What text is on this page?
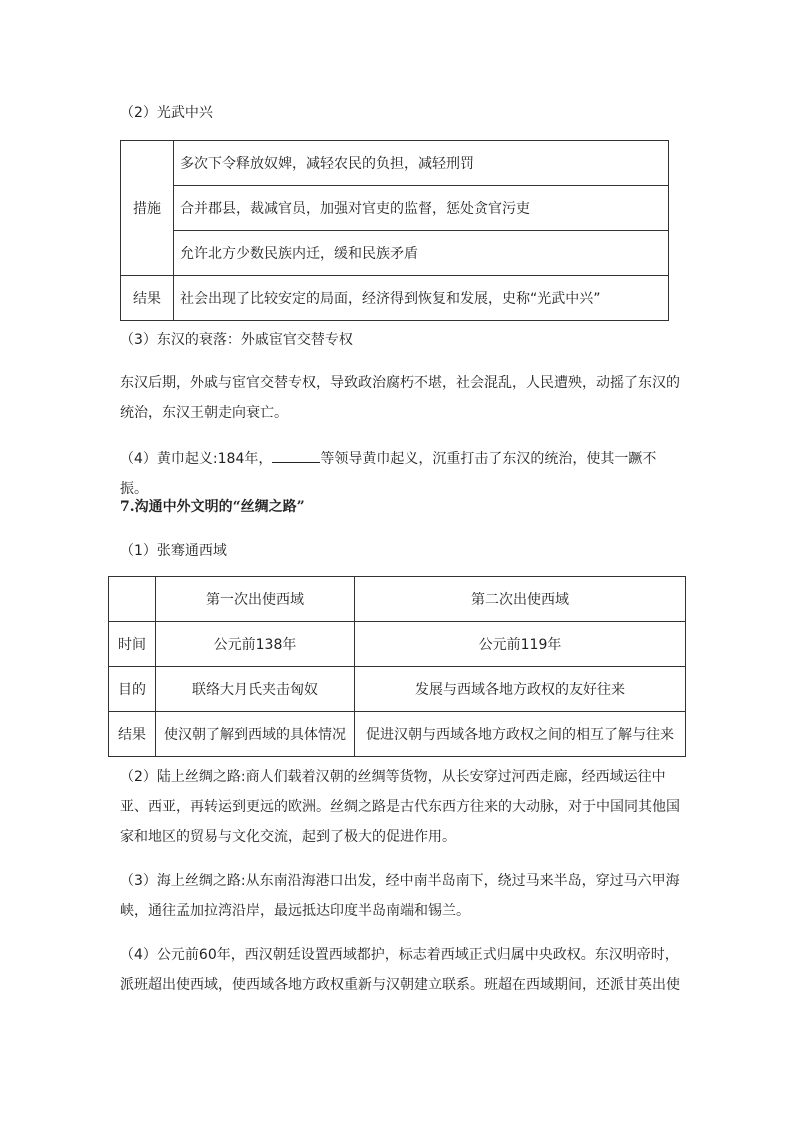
（2）光武中兴

措施	多次下令释放奴婢，减轻农民的负担，减轻刑罚
	合并郡县，裁减官员，加强对官吏的监督，惩处贪官污吏
	允许北方少数民族内迁，缓和民族矛盾
结果	社会出现了比较安定的局面，经济得到恢复和发展，史称“光武中兴”

（3）东汉的衰落：外戚宦官交替专权

东汉后期，外戚与宦官交替专权，导致政治腐朽不堪，社会混乱，人民遭殃，动摇了东汉的统治，东汉王朝走向衰亡。

（4）黄巾起义:184年，	等领导黄巾起义，沉重打击了东汉的统治，使其一蹶不振。

7.沟通中外文明的“丝绸之路”

（1）张骞通西域

	第一次出使西域	第二次出使西域
时间	公元前138年	公元前119年
目的	联络大月氏夹击匈奴	发展与西域各地方政权的友好往来
结果	使汉朝了解到西域的具体情况	促进汉朝与西域各地方政权之间的相互了解与往来

（2）陆上丝绸之路:商人们载着汉朝的丝绸等货物，从长安穿过河西走廊，经西域运往中亚、西亚，再转运到更远的欧洲。丝绸之路是古代东西方往来的大动脉，对于中国同其他国家和地区的贸易与文化交流，起到了极大的促进作用。

（3）海上丝绸之路:从东南沿海港口出发，经中南半岛南下，绕过马来半岛，穿过马六甲海峡，通往孟加拉湾沿岸，最远抵达印度半岛南端和锡兰。

（4）公元前60年，西汉朝廷设置西域都护，标志着西域正式归属中央政权。东汉明帝时，派班超出使西域，使西域各地方政权重新与汉朝建立联系。班超在西域期间，还派甘英出使
